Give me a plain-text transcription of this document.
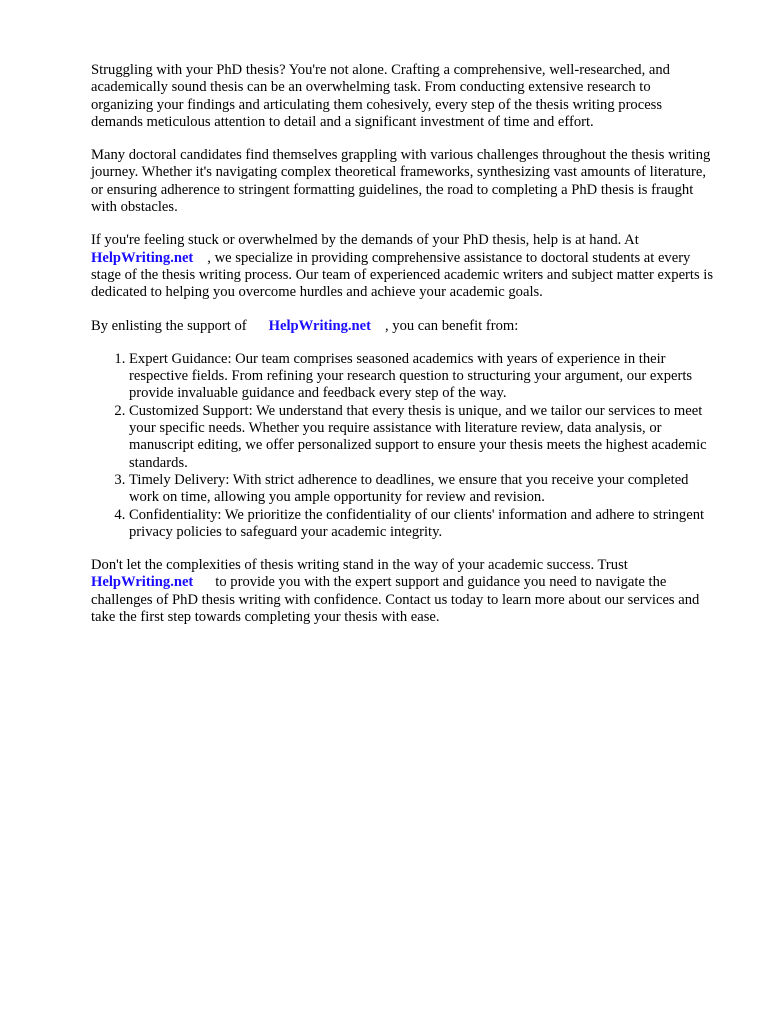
Struggling with your PhD thesis? You're not alone. Crafting a comprehensive, well-researched, and academically sound thesis can be an overwhelming task. From conducting extensive research to organizing your findings and articulating them cohesively, every step of the thesis writing process demands meticulous attention to detail and a significant investment of time and effort.

Many doctoral candidates find themselves grappling with various challenges throughout the thesis writing journey. Whether it's navigating complex theoretical frameworks, synthesizing vast amounts of literature, or ensuring adherence to stringent formatting guidelines, the road to completing a PhD thesis is fraught with obstacles.

If you're feeling stuck or overwhelmed by the demands of your PhD thesis, help is at hand. At
HelpWriting.net , we specialize in providing comprehensive assistance to doctoral students at every stage of the thesis writing process. Our team of experienced academic writers and subject matter experts is dedicated to helping you overcome hurdles and achieve your academic goals.

By enlisting the support of HelpWriting.net , you can benefit from:

1. Expert Guidance: Our team comprises seasoned academics with years of experience in their respective fields. From refining your research question to structuring your argument, our experts provide invaluable guidance and feedback every step of the way.
2. Customized Support: We understand that every thesis is unique, and we tailor our services to meet your specific needs. Whether you require assistance with literature review, data analysis, or manuscript editing, we offer personalized support to ensure your thesis meets the highest academic standards.
3. Timely Delivery: With strict adherence to deadlines, we ensure that you receive your completed work on time, allowing you ample opportunity for review and revision.
4. Confidentiality: We prioritize the confidentiality of our clients' information and adhere to stringent privacy policies to safeguard your academic integrity.

Don't let the complexities of thesis writing stand in the way of your academic success. Trust
HelpWriting.net to provide you with the expert support and guidance you need to navigate the challenges of PhD thesis writing with confidence. Contact us today to learn more about our services and take the first step towards completing your thesis with ease.
